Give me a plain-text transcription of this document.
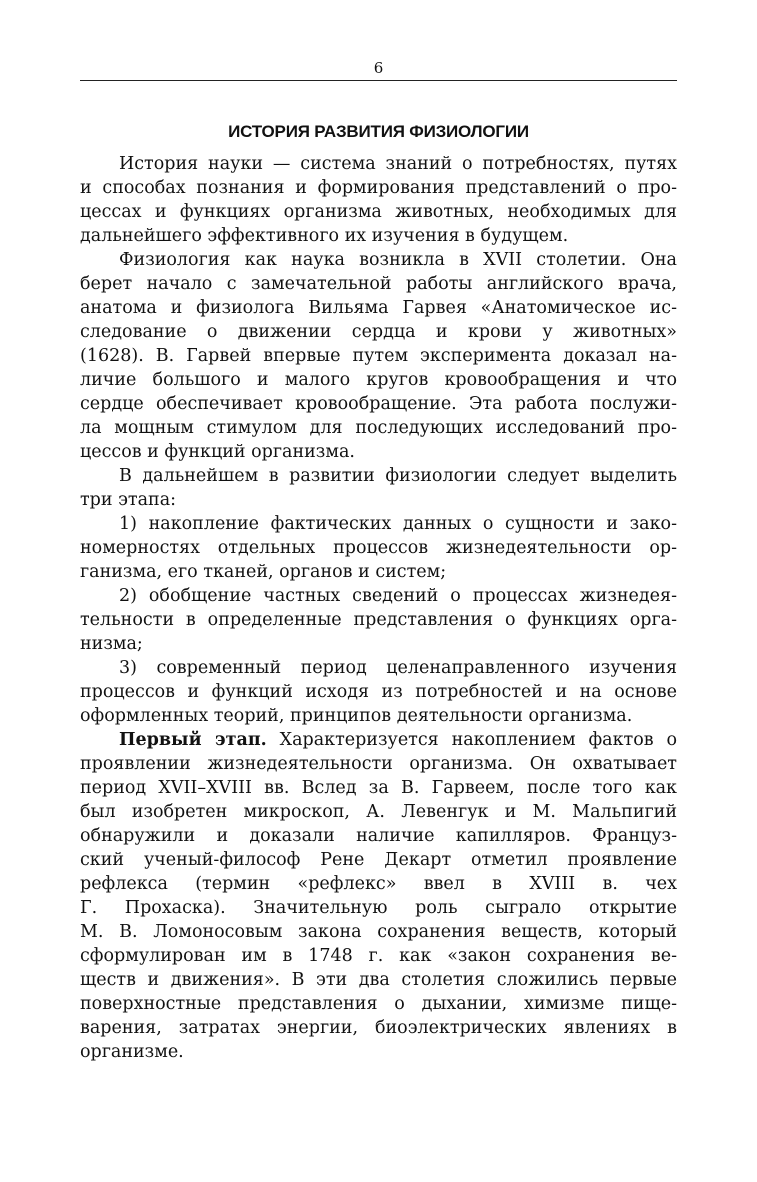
6
ИСТОРИЯ РАЗВИТИЯ ФИЗИОЛОГИИ
История науки — система знаний о потребностях, путях
и способах познания и формирования представлений о про-
цессах и функциях организма животных, необходимых для
дальнейшего эффективного их изучения в будущем.
Физиология как наука возникла в XVII столетии. Она
берет начало с замечательной работы английского врача,
анатома и физиолога Вильяма Гарвея «Анатомическое ис-
следование о движении сердца и крови у животных»
(1628). В. Гарвей впервые путем эксперимента доказал на-
личие большого и малого кругов кровообращения и что
сердце обеспечивает кровообращение. Эта работа послужи-
ла мощным стимулом для последующих исследований про-
цессов и функций организма.
В дальнейшем в развитии физиологии следует выделить
три этапа:
1) накопление фактических данных о сущности и зако-
номерностях отдельных процессов жизнедеятельности ор-
ганизма, его тканей, органов и систем;
2) обобщение частных сведений о процессах жизнедея-
тельности в определенные представления о функциях орга-
низма;
3) современный период целенаправленного изучения
процессов и функций исходя из потребностей и на основе
оформленных теорий, принципов деятельности организма.
Первый этап. Характеризуется накоплением фактов о
проявлении жизнедеятельности организма. Он охватывает
период XVII–XVIII вв. Вслед за В. Гарвеем, после того как
был изобретен микроскоп, А. Левенгук и М. Мальпигий
обнаружили и доказали наличие капилляров. Француз-
ский ученый-философ Рене Декарт отметил проявление
рефлекса (термин «рефлекс» ввел в XVIII в. чех
Г. Прохаска). Значительную роль сыграло открытие
М. В. Ломоносовым закона сохранения веществ, который
сформулирован им в 1748 г. как «закон сохранения ве-
ществ и движения». В эти два столетия сложились первые
поверхностные представления о дыхании, химизме пище-
варения, затратах энергии, биоэлектрических явлениях в
организме.
